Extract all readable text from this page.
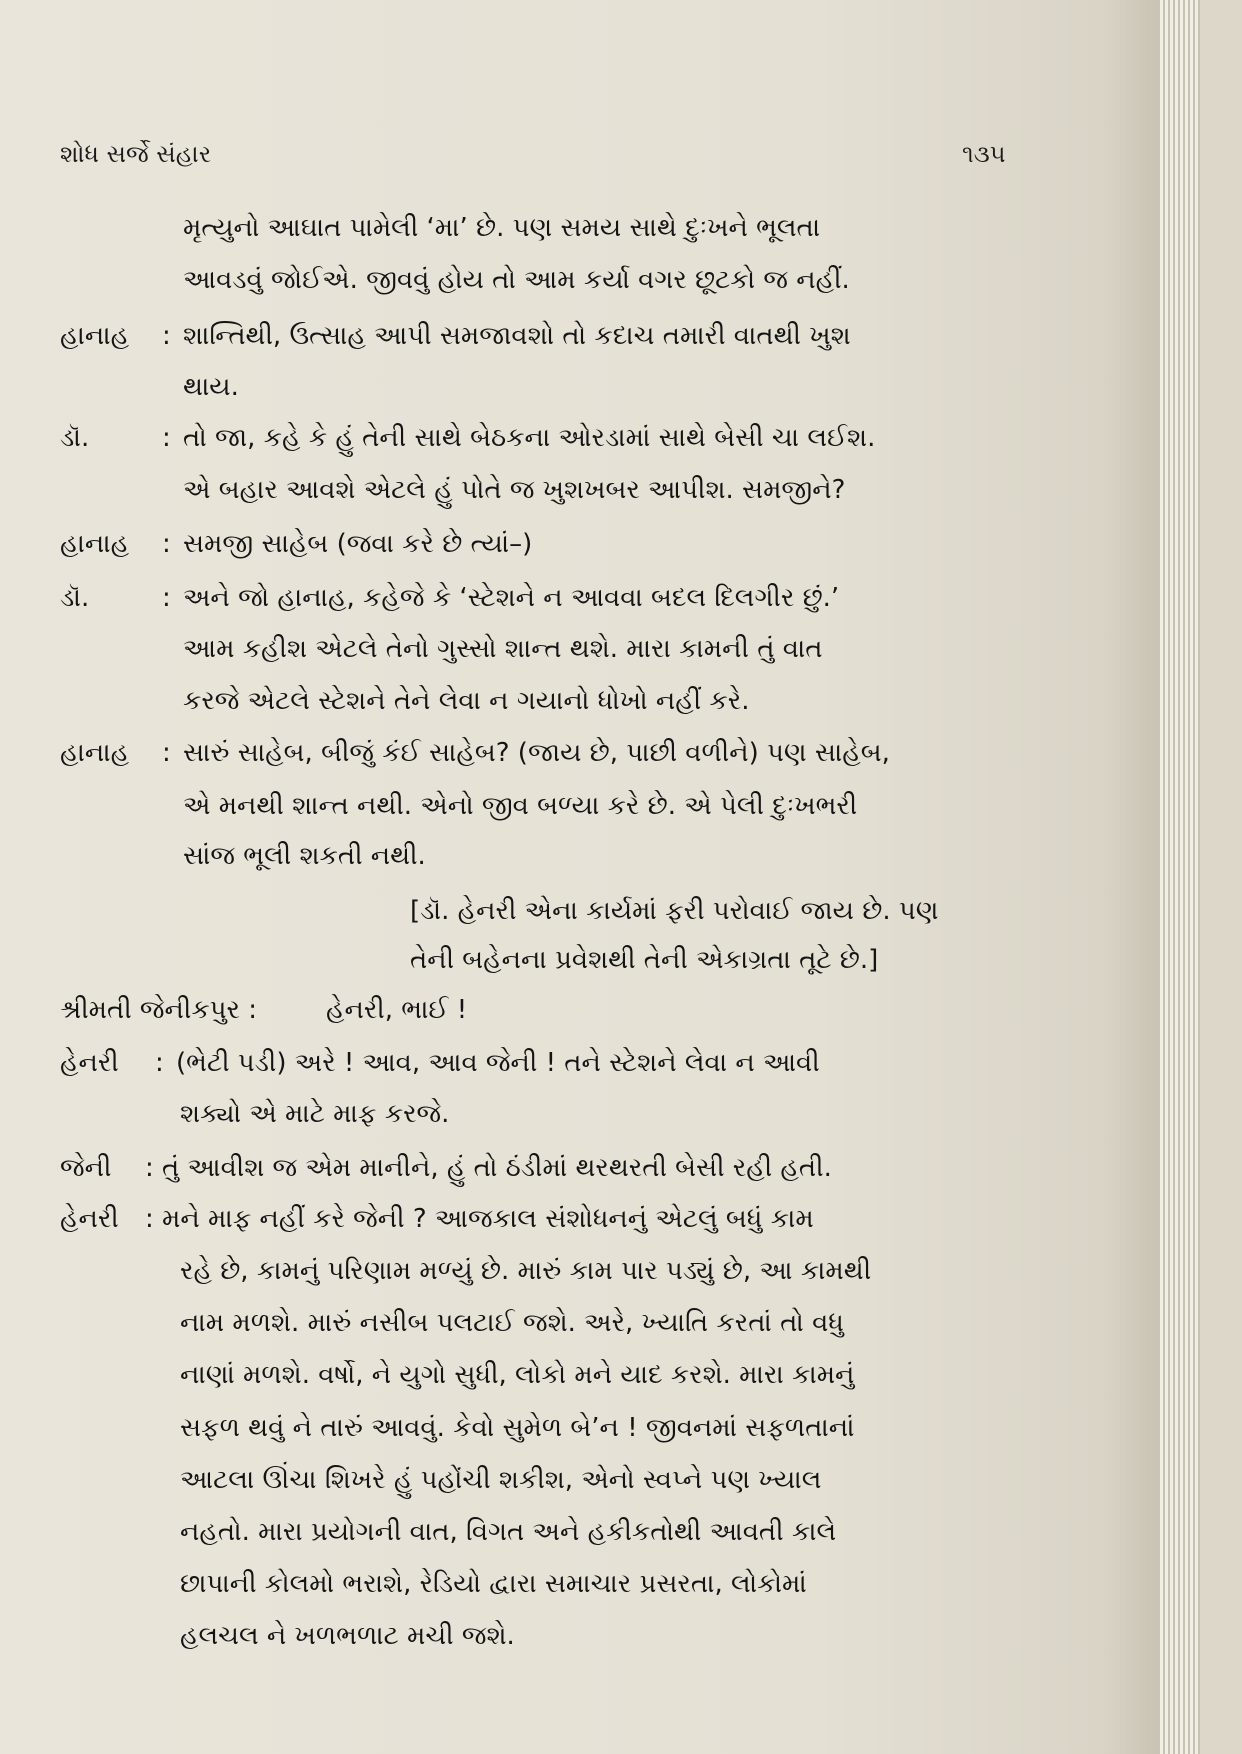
શોધ સર્જે સંહાર	૧૩૫
મૃત્યુનો આઘાત પામેલી ‘મા’ છે. પણ સમય સાથે દુઃખને ભૂલતા
આવડવું જોઈએ. જીવવું હોય તો આમ કર્યા વગર છૂટકો જ નહીં.
હાનાહ : શાન્તિથી, ઉત્સાહ આપી સમજાવશો તો કદાચ તમારી વાતથી ખુશ
થાય.
ડૉ.	: તો જા, કહે કે હું તેની સાથે બેઠકના ઓરડામાં સાથે બેસી ચા લઈશ.
એ બહાર આવશે એટલે હું પોતે જ ખુશખબર આપીશ. સમજીને?
હાનાહ : સમજી સાહેબ (જવા કરે છે ત્યાં–)
ડૉ.	: અને જો હાનાહ, કહેજે કે ‘સ્ટેશને ન આવવા બદલ દિલગીર છું.’
આમ કહીશ એટલે તેનો ગુસ્સો શાન્ત થશે. મારા કામની તું વાત
કરજે એટલે સ્ટેશને તેને લેવા ન ગયાનો ધોખો નહીં કરે.
હાનાહ : સારું સાહેબ, બીજું કંઈ સાહેબ? (જાય છે, પાછી વળીને) પણ સાહેબ,
એ મનથી શાન્ત નથી. એનો જીવ બળ્યા કરે છે. એ પેલી દુઃખભરી
સાંજ ભૂલી શકતી નથી.
[ડૉ. હેનરી એના કાર્યમાં ફરી પરોવાઈ જાય છે. પણ
તેની બહેનના પ્રવેશથી તેની એકાગ્રતા તૂટે છે.]
શ્રીમતી જેનીકપુર :	હેનરી, ભાઈ !
હેનરી : (ભેટી પડી) અરે ! આવ, આવ જેની ! તને સ્ટેશને લેવા ન આવી
શક્યો એ માટે માફ કરજે.
જેની : તું આવીશ જ એમ માનીને, હું તો ઠંડીમાં થરથરતી બેસી રહી હતી.
હેનરી : મને માફ નહીં કરે જેની ? આજકાલ સંશોધનનું એટલું બધું કામ
રહે છે, કામનું પરિણામ મળ્યું છે. મારું કામ પાર પડ્યું છે, આ કામથી
નામ મળશે. મારું નસીબ પલટાઈ જશે. અરે, ખ્યાતિ કરતાં તો વધુ
નાણાં મળશે. વર્ષો, ને યુગો સુધી, લોકો મને યાદ કરશે. મારા કામનું
સફળ થવું ને તારું આવવું. કેવો સુમેળ બે’ન ! જીવનમાં સફળતાનાં
આટલા ઊંચા શિખરે હું પહોંચી શકીશ, એનો સ્વપ્ને પણ ખ્યાલ
નહતો. મારા પ્રયોગની વાત, વિગત અને હકીકતોથી આવતી કાલે
છાપાની કોલમો ભરાશે, રેડિયો દ્વારા સમાચાર પ્રસરતા, લોકોમાં
હલચલ ને ખળભળાટ મચી જશે.
